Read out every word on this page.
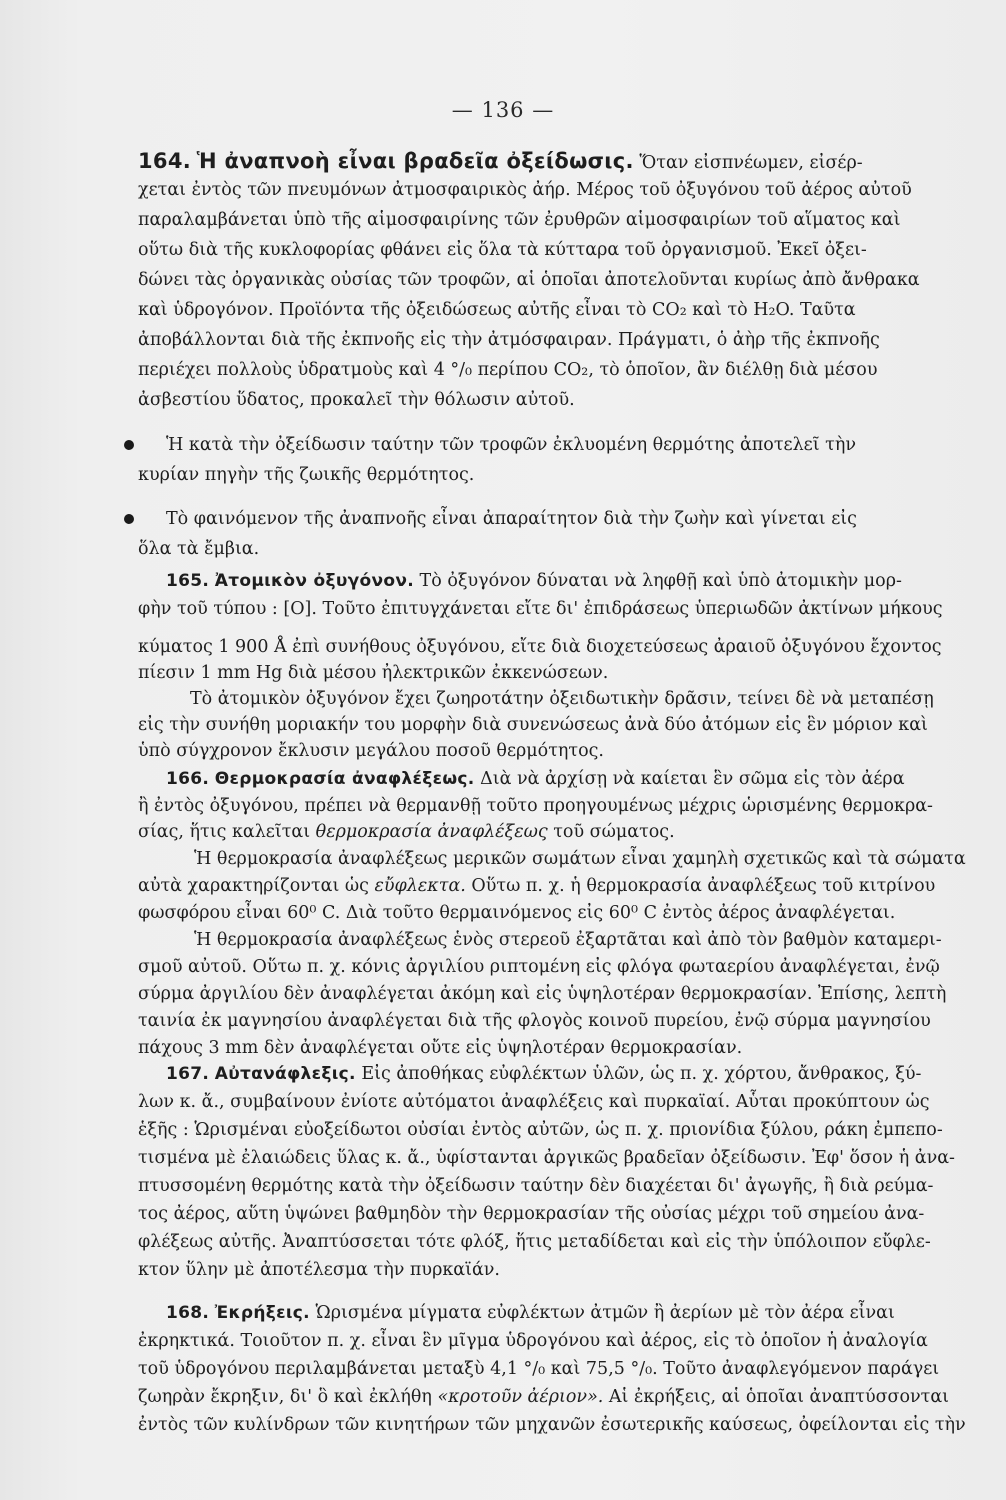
— 136 —
164. Ἡ ἀναπνοὴ εἶναι βραδεῖα ὀξείδωσις. Ὅταν εἰσπνέωμεν, εἰσέρ-
χεται ἐντὸς τῶν πνευμόνων ἀτμοσφαιρικὸς ἀήρ. Μέρος τοῦ ὀξυγόνου τοῦ ἀέρος αὐτοῦ
παραλαμβάνεται ὑπὸ τῆς αἱμοσφαιρίνης τῶν ἐρυθρῶν αἱμοσφαιρίων τοῦ αἵματος καὶ
οὕτω διὰ τῆς κυκλοφορίας φθάνει εἰς ὅλα τὰ κύτταρα τοῦ ὀργανισμοῦ. Ἐκεῖ ὀξει-
δώνει τὰς ὀργανικὰς οὐσίας τῶν τροφῶν, αἱ ὁποῖαι ἀποτελοῦνται κυρίως ἀπὸ ἄνθρακα
καὶ ὑδρογόνον. Προϊόντα τῆς ὀξειδώσεως αὐτῆς εἶναι τὸ CO₂ καὶ τὸ H₂O. Ταῦτα
ἀποβάλλονται διὰ τῆς ἐκπνοῆς εἰς τὴν ἀτμόσφαιραν. Πράγματι, ὁ ἀὴρ τῆς ἐκπνοῆς
περιέχει πολλοὺς ὑδρατμοὺς καὶ 4 °/₀ περίπου CO₂, τὸ ὁποῖον, ἂν διέλθῃ διὰ μέσου
ἀσβεστίου ὕδατος, προκαλεῖ τὴν θόλωσιν αὐτοῦ.
Ἡ κατὰ τὴν ὀξείδωσιν ταύτην τῶν τροφῶν ἐκλυομένη θερμότης ἀποτελεῖ τὴν
κυρίαν πηγὴν τῆς ζωικῆς θερμότητος.
Τὸ φαινόμενον τῆς ἀναπνοῆς εἶναι ἀπαραίτητον διὰ τὴν ζωὴν καὶ γίνεται εἰς
ὅλα τὰ ἔμβια.
165. Ἀτομικὸν ὀξυγόνον. Τὸ ὀξυγόνον δύναται νὰ ληφθῇ καὶ ὑπὸ ἀτομικὴν μορ-
φὴν τοῦ τύπου : [O]. Τοῦτο ἐπιτυγχάνεται εἴτε δι' ἐπιδράσεως ὑπεριωδῶν ἀκτίνων μήκους
κύματος 1 900 Å ἐπὶ συνήθους ὀξυγόνου, εἴτε διὰ διοχετεύσεως ἀραιοῦ ὀξυγόνου ἔχοντος
πίεσιν 1 mm Hg διὰ μέσου ἠλεκτρικῶν ἐκκενώσεων.
Τὸ ἀτομικὸν ὀξυγόνον ἔχει ζωηροτάτην ὀξειδωτικὴν δρᾶσιν, τείνει δὲ νὰ μεταπέσῃ
εἰς τὴν συνήθη μοριακήν του μορφὴν διὰ συνενώσεως ἀνὰ δύο ἀτόμων εἰς ἓν μόριον καὶ
ὑπὸ σύγχρονον ἔκλυσιν μεγάλου ποσοῦ θερμότητος.
166. Θερμοκρασία ἀναφλέξεως. Διὰ νὰ ἀρχίσῃ νὰ καίεται ἓν σῶμα εἰς τὸν ἀέρα
ἢ ἐντὸς ὀξυγόνου, πρέπει νὰ θερμανθῇ τοῦτο προηγουμένως μέχρις ὡρισμένης θερμοκρα-
σίας, ἥτις καλεῖται θερμοκρασία ἀναφλέξεως τοῦ σώματος.
Ἡ θερμοκρασία ἀναφλέξεως μερικῶν σωμάτων εἶναι χαμηλὴ σχετικῶς καὶ τὰ σώματα
αὐτὰ χαρακτηρίζονται ὡς εὔφλεκτα. Οὕτω π. χ. ἡ θερμοκρασία ἀναφλέξεως τοῦ κιτρίνου
φωσφόρου εἶναι 60⁰ C. Διὰ τοῦτο θερμαινόμενος εἰς 60⁰ C ἐντὸς ἀέρος ἀναφλέγεται.
Ἡ θερμοκρασία ἀναφλέξεως ἑνὸς στερεοῦ ἐξαρτᾶται καὶ ἀπὸ τὸν βαθμὸν καταμερι-
σμοῦ αὐτοῦ. Οὕτω π. χ. κόνις ἀργιλίου ριπτομένη εἰς φλόγα φωταερίου ἀναφλέγεται, ἐνῷ
σύρμα ἀργιλίου δὲν ἀναφλέγεται ἀκόμη καὶ εἰς ὑψηλοτέραν θερμοκρασίαν. Ἐπίσης, λεπτὴ
ταινία ἐκ μαγνησίου ἀναφλέγεται διὰ τῆς φλογὸς κοινοῦ πυρείου, ἐνῷ σύρμα μαγνησίου
πάχους 3 mm δὲν ἀναφλέγεται οὔτε εἰς ὑψηλοτέραν θερμοκρασίαν.
167. Αὐτανάφλεξις. Εἰς ἀποθήκας εὐφλέκτων ὑλῶν, ὡς π. χ. χόρτου, ἄνθρακος, ξύ-
λων κ. ἄ., συμβαίνουν ἐνίοτε αὐτόματοι ἀναφλέξεις καὶ πυρκαϊαί. Αὗται προκύπτουν ὡς
ἑξῆς : Ὡρισμέναι εὐοξείδωτοι οὐσίαι ἐντὸς αὐτῶν, ὡς π. χ. πριονίδια ξύλου, ράκη ἐμπεπο-
τισμένα μὲ ἐλαιώδεις ὕλας κ. ἄ., ὑφίστανται ἀργικῶς βραδεῖαν ὀξείδωσιν. Ἐφ' ὅσον ἡ ἀνα-
πτυσσομένη θερμότης κατὰ τὴν ὀξείδωσιν ταύτην δὲν διαχέεται δι' ἀγωγῆς, ἢ διὰ ρεύμα-
τος ἀέρος, αὕτη ὑψώνει βαθμηδὸν τὴν θερμοκρασίαν τῆς οὐσίας μέχρι τοῦ σημείου ἀνα-
φλέξεως αὐτῆς. Ἀναπτύσσεται τότε φλόξ, ἥτις μεταδίδεται καὶ εἰς τὴν ὑπόλοιπον εὔφλε-
κτον ὕλην μὲ ἀποτέλεσμα τὴν πυρκαϊάν.
168. Ἐκρήξεις. Ὡρισμένα μίγματα εὐφλέκτων ἀτμῶν ἢ ἀερίων μὲ τὸν ἀέρα εἶναι
ἐκρηκτικά. Τοιοῦτον π. χ. εἶναι ἓν μῖγμα ὑδρογόνου καὶ ἀέρος, εἰς τὸ ὁποῖον ἡ ἀναλογία
τοῦ ὑδρογόνου περιλαμβάνεται μεταξὺ 4,1 °/₀ καὶ 75,5 °/₀. Τοῦτο ἀναφλεγόμενον παράγει
ζωηρὰν ἔκρηξιν, δι' ὃ καὶ ἐκλήθη «κροτοῦν ἀέριον». Αἱ ἐκρήξεις, αἱ ὁποῖαι ἀναπτύσσονται
ἐντὸς τῶν κυλίνδρων τῶν κινητήρων τῶν μηχανῶν ἐσωτερικῆς καύσεως, ὀφείλονται εἰς τὴν
